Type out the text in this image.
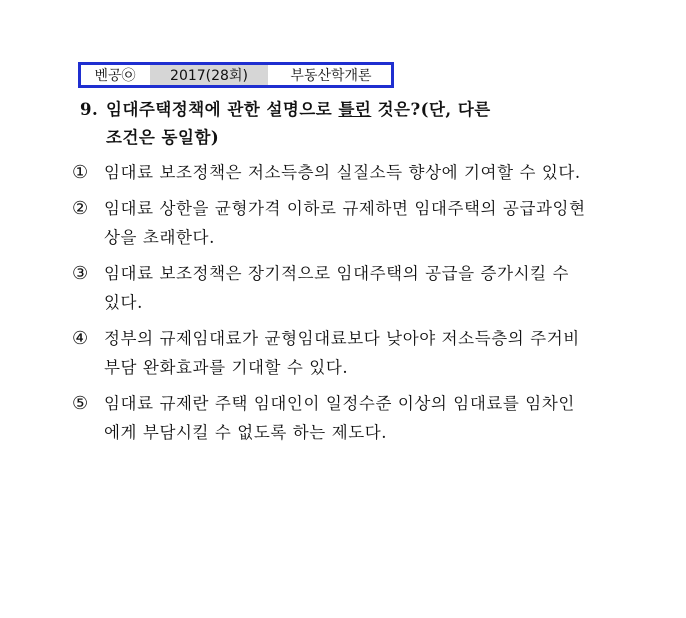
벤공㉧	2017(28회)	부동산학개론
9. 임대주택정책에 관한 설명으로 틀린 것은?(단, 다른
조건은 동일함)
① 임대료 보조정책은 저소득층의 실질소득 향상에 기여할 수 있다.
② 임대료 상한을 균형가격 이하로 규제하면 임대주택의 공급과잉현상을 초래한다.
③ 임대료 보조정책은 장기적으로 임대주택의 공급을 증가시킬 수 있다.
④ 정부의 규제임대료가 균형임대료보다 낮아야 저소득층의 주거비 부담 완화효과를 기대할 수 있다.
⑤ 임대료 규제란 주택 임대인이 일정수준 이상의 임대료를 임차인에게 부담시킬 수 없도록 하는 제도다.
